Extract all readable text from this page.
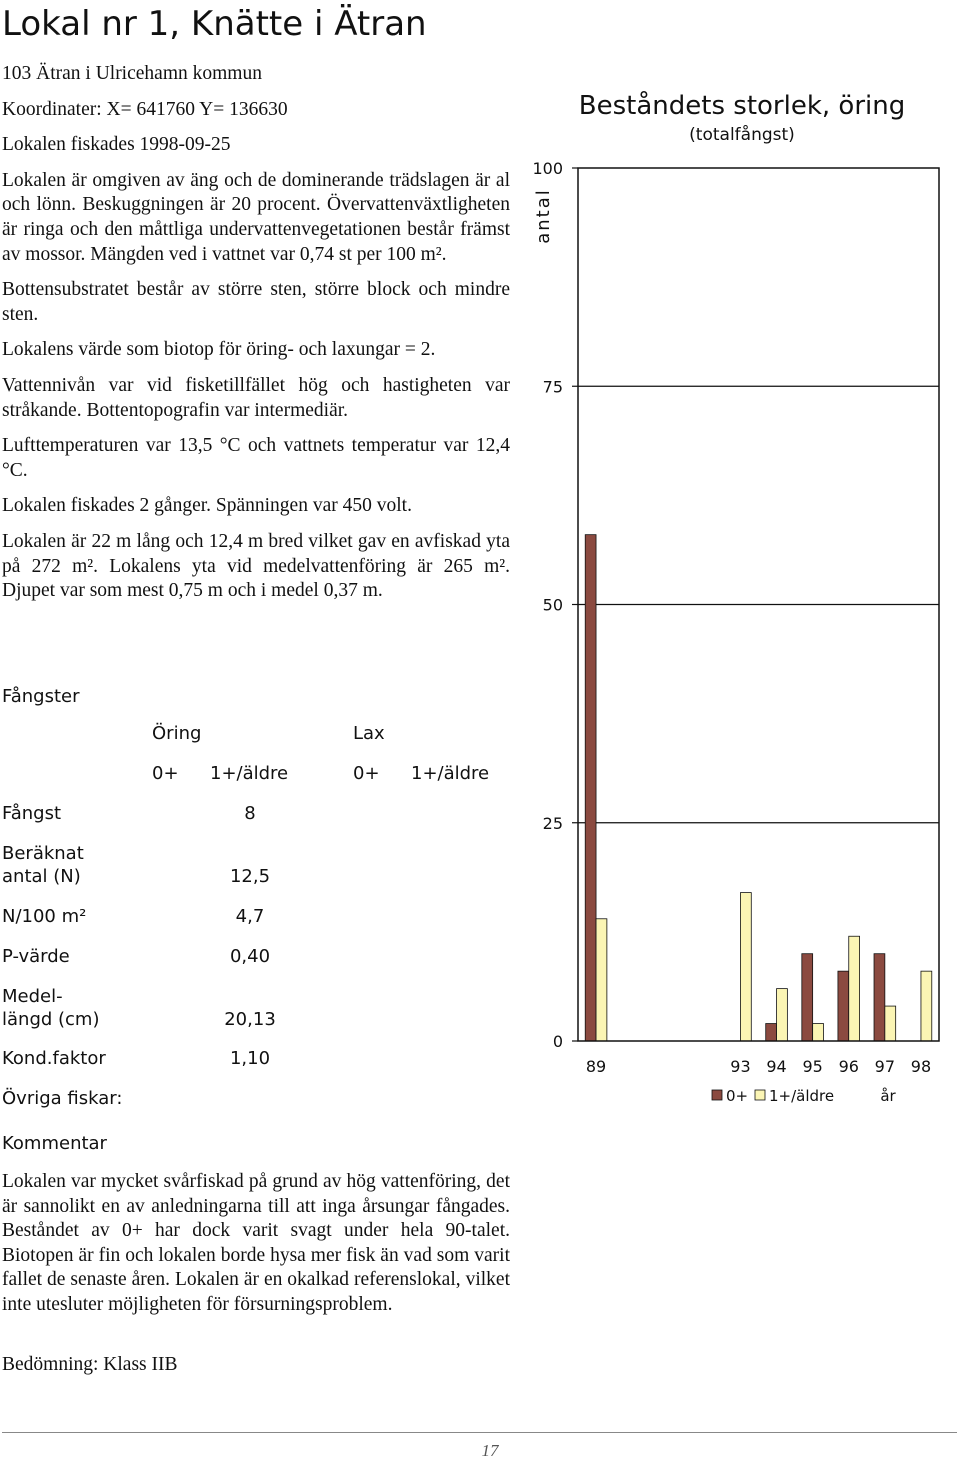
Lokal nr 1, Knätte i Ätran

103 Ätran i Ulricehamn kommun

Koordinater: X= 641760 Y= 136630

Lokalen fiskades 1998-09-25

Lokalen är omgiven av äng och de dominerande trädslagen är al och lönn. Beskuggningen är 20 procent. Övervattenväxtligheten är ringa och den måttliga undervattenvegetationen består främst av mossor. Mängden ved i vattnet var 0,74 st per 100 m².

Bottensubstratet består av större sten, större block och mindre sten.

Lokalens värde som biotop för öring- och laxungar = 2.

Vattennivån var vid fisketillfället hög och hastigheten var stråkande. Bottentopografin var intermediär.

Lufttemperaturen var 13,5 °C och vattnets temperatur var 12,4 °C.

Lokalen fiskades 2 gånger. Spänningen var 450 volt.

Lokalen är 22 m lång och 12,4 m bred vilket gav en avfiskad yta på 272 m². Lokalens yta vid medelvattenföring är 265 m². Djupet var som mest 0,75 m och i medel 0,37 m.

Fångster
Öring	Lax
0+ 1+/äldre	0+ 1+/äldre
Fångst	8
Beräknat
antal (N)	12,5
N/100 m²	4,7
P-värde	0,40
Medel-
längd (cm)	20,13
Kond.faktor	1,10
Övriga fiskar:
Kommentar

Lokalen var mycket svårfiskad på grund av hög vattenföring, det är sannolikt en av anledningarna till att inga årsungar fångades. Beståndet av 0+ har dock varit svagt under hela 90-talet. Biotopen är fin och lokalen borde hysa mer fisk än vad som varit fallet de senaste åren. Lokalen är en okalkad referenslokal, vilket inte utesluter möjligheten för försurningsproblem.

Bedömning: Klass IIB

Beståndets storlek, öring
(totalfångst)
antal
0
25
50
75
100
89	93 94 95 96 97 98
0+ 1+/äldre	år
17
